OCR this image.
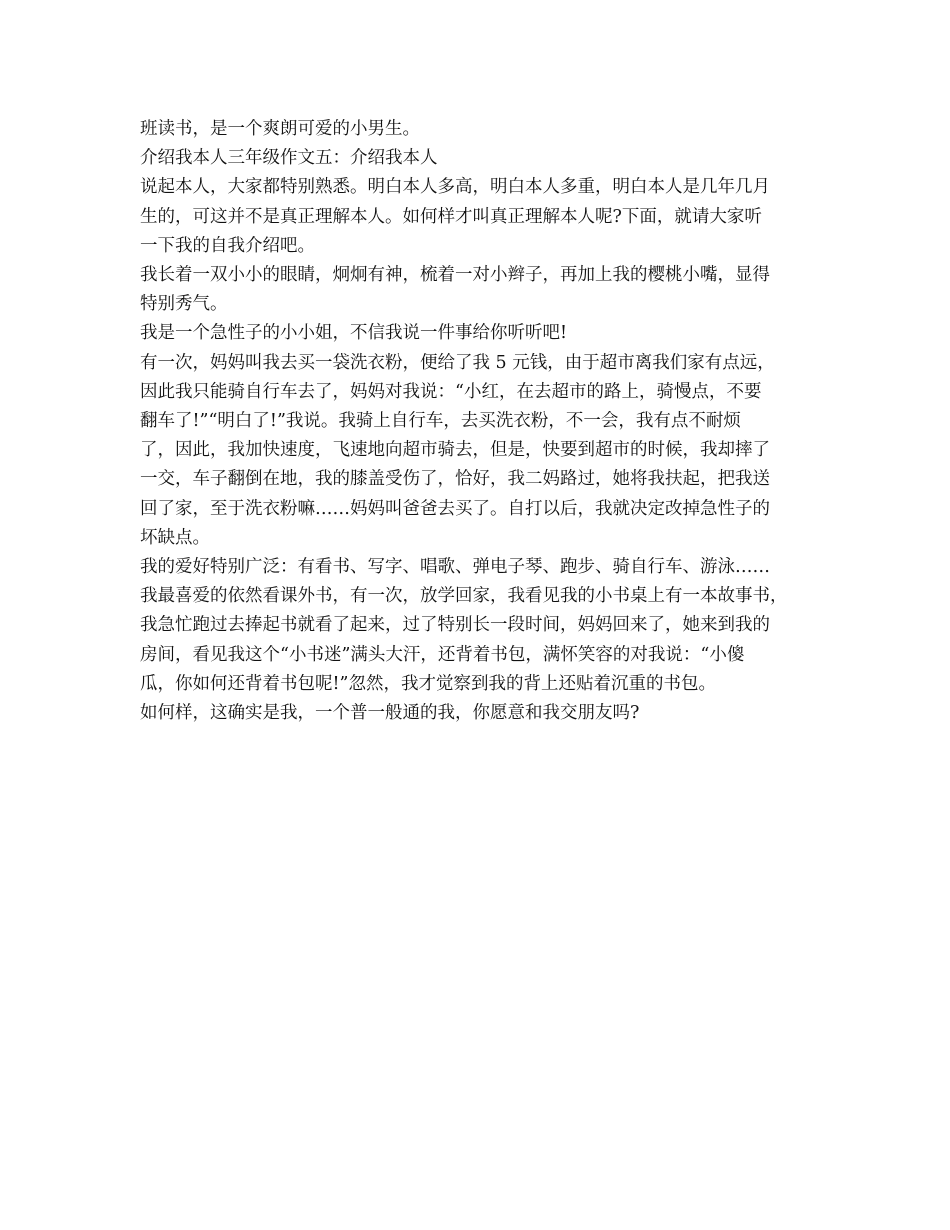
班读书，是一个爽朗可爱的小男生。

介绍我本人三年级作文五：介绍我本人

说起本人，大家都特别熟悉。明白本人多高，明白本人多重，明白本人是几年几月
生的，可这并不是真正理解本人。如何样才叫真正理解本人呢?下面，就请大家听
一下我的自我介绍吧。

我长着一双小小的眼睛，炯炯有神，梳着一对小辫子，再加上我的樱桃小嘴，显得
特别秀气。

我是一个急性子的小小姐，不信我说一件事给你听听吧!

有一次，妈妈叫我去买一袋洗衣粉，便给了我 5 元钱，由于超市离我们家有点远，
因此我只能骑自行车去了，妈妈对我说：“小红，在去超市的路上，骑慢点，不要
翻车了!”“明白了!”我说。我骑上自行车，去买洗衣粉，不一会，我有点不耐烦
了，因此，我加快速度，飞速地向超市骑去，但是，快要到超市的时候，我却摔了
一交，车子翻倒在地，我的膝盖受伤了，恰好，我二妈路过，她将我扶起，把我送
回了家，至于洗衣粉嘛……妈妈叫爸爸去买了。自打以后，我就决定改掉急性子的
坏缺点。

我的爱好特别广泛：有看书、写字、唱歌、弹电子琴、跑步、骑自行车、游泳……
我最喜爱的依然看课外书，有一次，放学回家，我看见我的小书桌上有一本故事书，
我急忙跑过去捧起书就看了起来，过了特别长一段时间，妈妈回来了，她来到我的
房间，看见我这个“小书迷”满头大汗，还背着书包，满怀笑容的对我说：“小傻
瓜，你如何还背着书包呢!”忽然，我才觉察到我的背上还贴着沉重的书包。

如何样，这确实是我，一个普一般通的我，你愿意和我交朋友吗?
